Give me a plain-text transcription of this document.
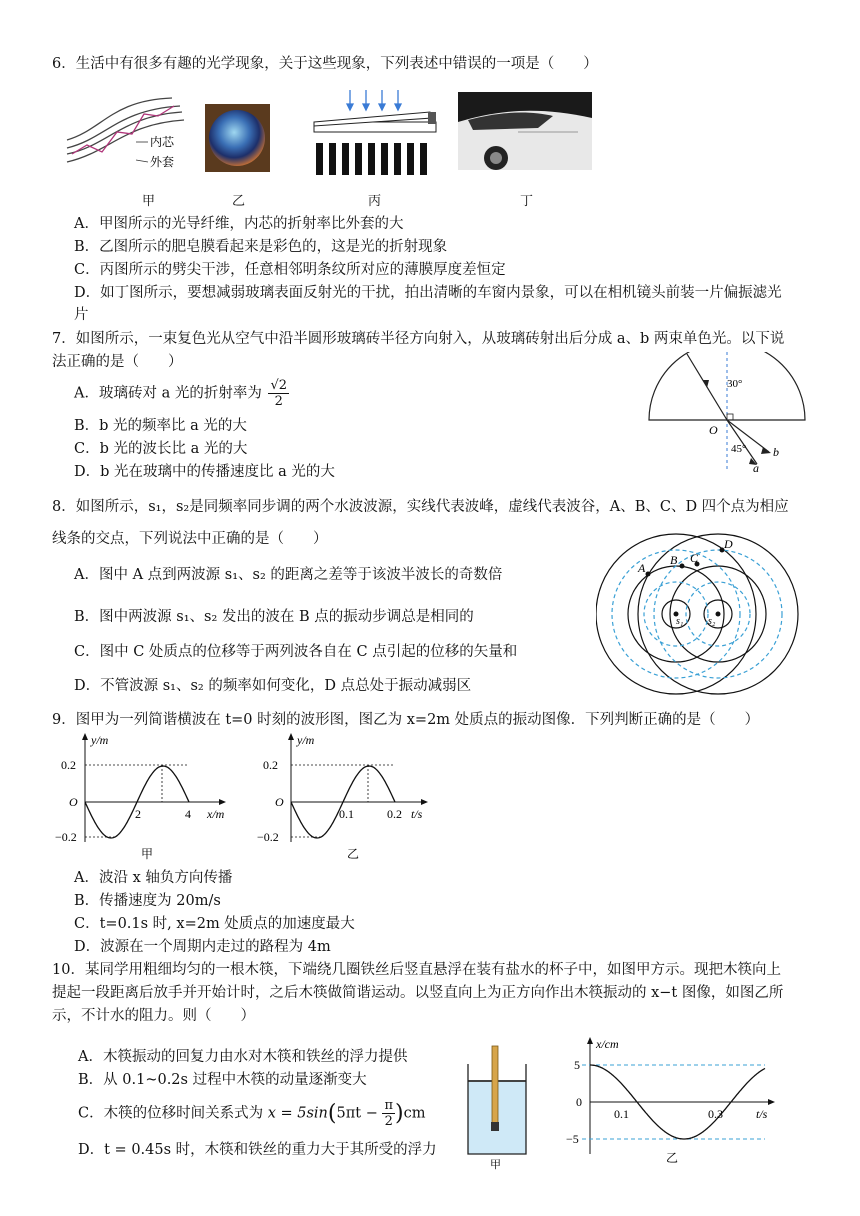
6．生活中有很多有趣的光学现象，关于这些现象，下列表述中错误的一项是（　　）
内芯
外套
甲	乙	丙	丁
A．甲图所示的光导纤维，内芯的折射率比外套的大
B．乙图所示的肥皂膜看起来是彩色的，这是光的折射现象
C．丙图所示的劈尖干涉，任意相邻明条纹所对应的薄膜厚度差恒定
D．如丁图所示，要想减弱玻璃表面反射光的干扰，拍出清晰的车窗内景象，可以在相机镜头前装一片偏振滤光
片
7．如图所示，一束复色光从空气中沿半圆形玻璃砖半径方向射入，从玻璃砖射出后分成 a、b 两束单色光。以下说
法正确的是（　　）
A．玻璃砖对 a 光的折射率为 $\frac{√2}{2}$
B．b 光的频率比 a 光的大
C．b 光的波长比 a 光的大
D．b 光在玻璃中的传播速度比 a 光的大
30°
O
45° b
a
8．如图所示，s₁，s₂是同频率同步调的两个水波波源，实线代表波峰，虚线代表波谷，A、B、C、D 四个点为相应
线条的交点，下列说法中正确的是（　　）
A．图中 A 点到两波源 s₁、s₂ 的距离之差等于该波半波长的奇数倍
B．图中两波源 s₁、s₂ 发出的波在 B 点的振动步调总是相同的
C．图中 C 处质点的位移等于两列波各自在 C 点引起的位移的矢量和
D．不管波源 s₁、s₂ 的频率如何变化，D 点总处于振动减弱区
A
B C
D
s₁ s₂
9．图甲为一列简谐横波在 t=0 时刻的波形图，图乙为 x=2m 处质点的振动图像．下列判断正确的是（　　）
y/m
0.2
−0.2
O
2	4 x/m
甲
y/m
0.2
−0.2
O
0.1	0.2 t/s
乙
A．波沿 x 轴负方向传播
B．传播速度为 20m/s
C．t=0.1s 时, x=2m 处质点的加速度最大
D．波源在一个周期内走过的路程为 4m
10．某同学用粗细均匀的一根木筷，下端绕几圈铁丝后竖直悬浮在装有盐水的杯子中，如图甲方示。现把木筷向上
提起一段距离后放手并开始计时，之后木筷做简谐运动。以竖直向上为正方向作出木筷振动的 x−t 图像，如图乙所
示，不计水的阻力。则（　　）
A．木筷振动的回复力由水对木筷和铁丝的浮力提供
B．从 0.1~0.2s 过程中木筷的动量逐渐变大
C．木筷的位移时间关系式为 $x = 5\sin(5\pi t - \frac{\pi}{2} )cm$
D．t = 0.45s 时，木筷和铁丝的重力大于其所受的浮力
甲
x/cm
5
0
−5
0.1	0.3	t/s
乙
